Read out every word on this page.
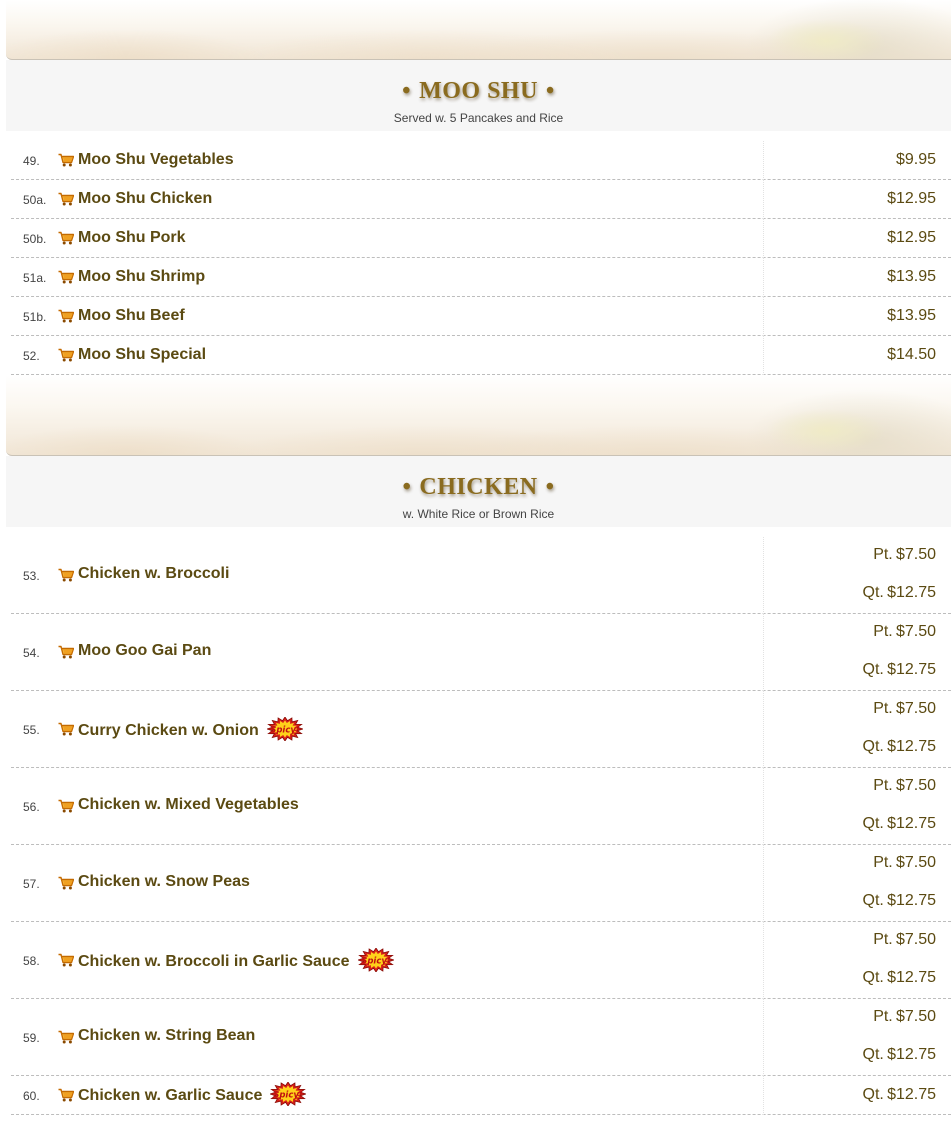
• MOO SHU •
Served w. 5 Pancakes and Rice
49. Moo Shu Vegetables	$9.95
50a. Moo Shu Chicken	$12.95
50b. Moo Shu Pork	$12.95
51a. Moo Shu Shrimp	$13.95
51b. Moo Shu Beef	$13.95
52. Moo Shu Special	$14.50
• CHICKEN •
w. White Rice or Brown Rice
53. Chicken w. Broccoli
Pt. $7.50
Qt. $12.75
54. Moo Goo Gai Pan
Pt. $7.50
Qt. $12.75
55. Curry Chicken w. Onion Spicy!
Pt. $7.50
Qt. $12.75
56. Chicken w. Mixed Vegetables
Pt. $7.50
Qt. $12.75
57. Chicken w. Snow Peas
Pt. $7.50
Qt. $12.75
58. Chicken w. Broccoli in Garlic Sauce Spicy!
Pt. $7.50
Qt. $12.75
59. Chicken w. String Bean
Pt. $7.50
Qt. $12.75
60. Chicken w. Garlic Sauce Spicy!	Qt. $12.75
